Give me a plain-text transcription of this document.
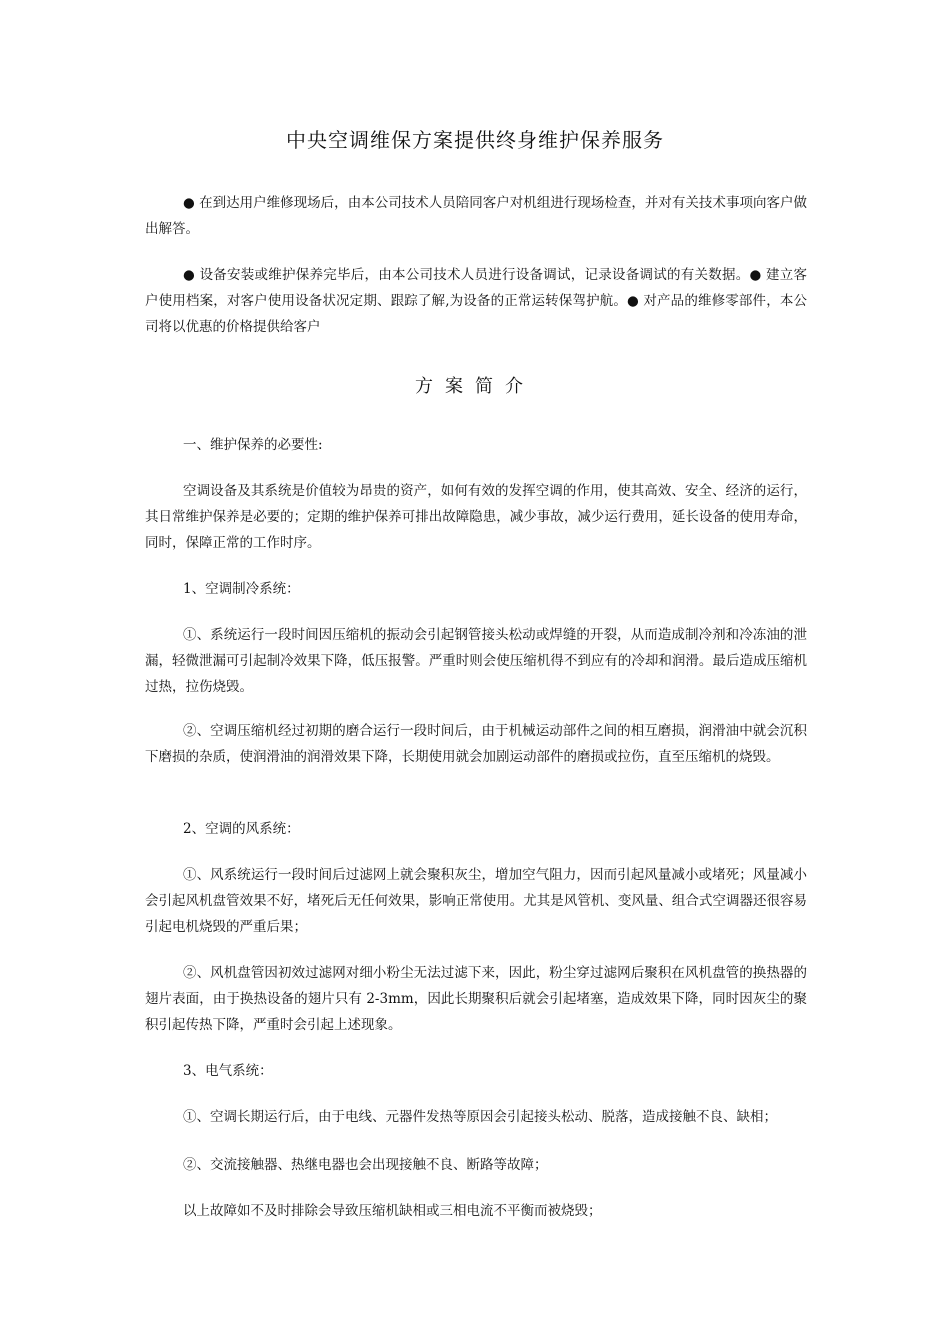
中央空调维保方案提供终身维护保养服务

● 在到达用户维修现场后，由本公司技术人员陪同客户对机组进行现场检查，并对有关技术事项向客户做出解答。

● 设备安装或维护保养完毕后，由本公司技术人员进行设备调试，记录设备调试的有关数据。● 建立客户使用档案，对客户使用设备状况定期、跟踪了解,为设备的正常运转保驾护航。● 对产品的维修零部件，本公司将以优惠的价格提供给客户

方案简介

一、维护保养的必要性:

空调设备及其系统是价值较为昂贵的资产，如何有效的发挥空调的作用，使其高效、安全、经济的运行，其日常维护保养是必要的；定期的维护保养可排出故障隐患，减少事故，减少运行费用，延长设备的使用寿命，同时，保障正常的工作时序。

1、空调制冷系统：

①、系统运行一段时间因压缩机的振动会引起钢管接头松动或焊缝的开裂，从而造成制冷剂和冷冻油的泄漏，轻微泄漏可引起制冷效果下降，低压报警。严重时则会使压缩机得不到应有的冷却和润滑。最后造成压缩机过热，拉伤烧毁。

②、空调压缩机经过初期的磨合运行一段时间后，由于机械运动部件之间的相互磨损，润滑油中就会沉积下磨损的杂质，使润滑油的润滑效果下降，长期使用就会加剧运动部件的磨损或拉伤，直至压缩机的烧毁。

2、空调的风系统：

①、风系统运行一段时间后过滤网上就会聚积灰尘，增加空气阻力，因而引起风量减小或堵死；风量减小会引起风机盘管效果不好，堵死后无任何效果，影响正常使用。尤其是风管机、变风量、组合式空调器还很容易引起电机烧毁的严重后果；

②、风机盘管因初效过滤网对细小粉尘无法过滤下来，因此，粉尘穿过滤网后聚积在风机盘管的换热器的翅片表面，由于换热设备的翅片只有 2-3mm，因此长期聚积后就会引起堵塞，造成效果下降，同时因灰尘的聚积引起传热下降，严重时会引起上述现象。

3、电气系统：

①、空调长期运行后，由于电线、元器件发热等原因会引起接头松动、脱落，造成接触不良、缺相；

②、交流接触器、热继电器也会出现接触不良、断路等故障；

以上故障如不及时排除会导致压缩机缺相或三相电流不平衡而被烧毁；
